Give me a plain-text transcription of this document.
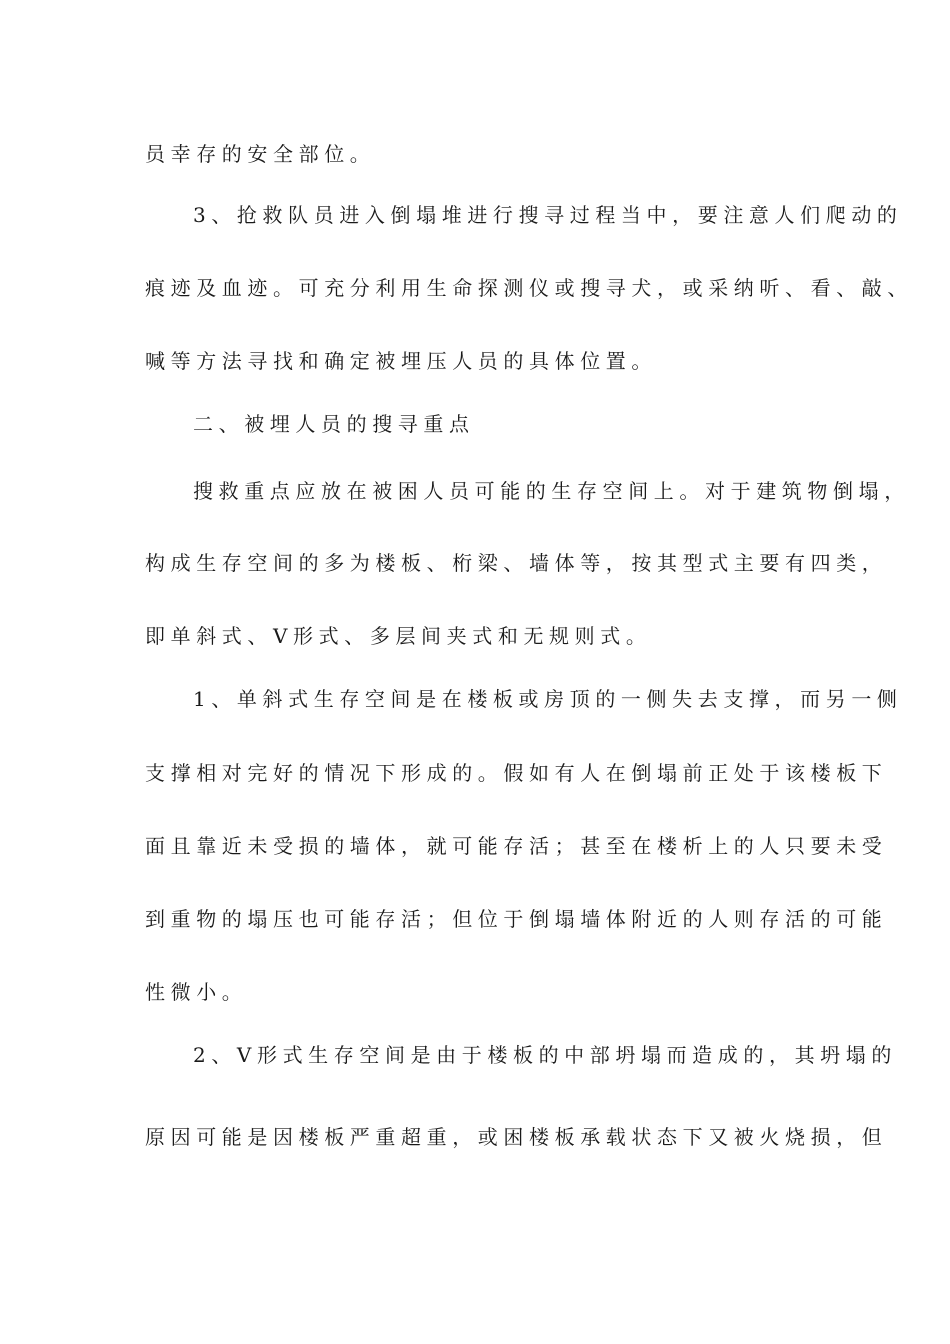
员幸存的安全部位。
3、抢救队员进入倒塌堆进行搜寻过程当中，要注意人们爬动的
痕迹及血迹。可充分利用生命探测仪或搜寻犬，或采纳听、看、敲、
喊等方法寻找和确定被埋压人员的具体位置。
二、被埋人员的搜寻重点
搜救重点应放在被困人员可能的生存空间上。对于建筑物倒塌，
构成生存空间的多为楼板、桁梁、墙体等，按其型式主要有四类，
即单斜式、V形式、多层间夹式和无规则式。
1、单斜式生存空间是在楼板或房顶的一侧失去支撑，而另一侧
支撑相对完好的情况下形成的。假如有人在倒塌前正处于该楼板下
面且靠近未受损的墙体，就可能存活；甚至在楼析上的人只要未受
到重物的塌压也可能存活；但位于倒塌墙体附近的人则存活的可能
性微小。
2、V形式生存空间是由于楼板的中部坍塌而造成的，其坍塌的
原因可能是因楼板严重超重，或困楼板承载状态下又被火烧损，但
